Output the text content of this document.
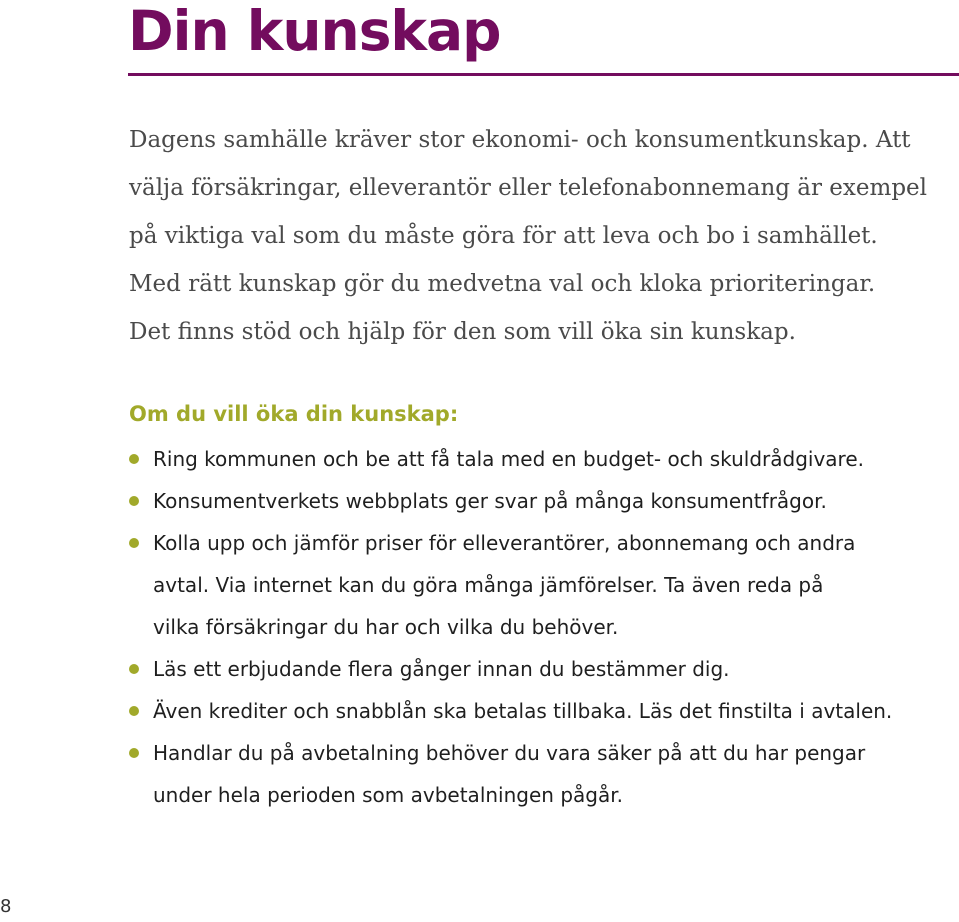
Din kunskap

Dagens samhälle kräver stor ekonomi- och konsumentkunskap. Att
välja försäkringar, elleverantör eller telefonabonnemang är exempel
på viktiga val som du måste göra för att leva och bo i samhället.
Med rätt kunskap gör du medvetna val och kloka prioriteringar.
Det finns stöd och hjälp för den som vill öka sin kunskap.

Om du vill öka din kunskap:
Ring kommunen och be att få tala med en budget- och skuldrådgivare.
Konsumentverkets webbplats ger svar på många konsumentfrågor.
Kolla upp och jämför priser för elleverantörer, abonnemang och andra
avtal. Via internet kan du göra många jämförelser. Ta även reda på
vilka försäkringar du har och vilka du behöver.
Läs ett erbjudande flera gånger innan du bestämmer dig.
Även krediter och snabblån ska betalas tillbaka. Läs det finstilta i avtalen.
Handlar du på avbetalning behöver du vara säker på att du har pengar
under hela perioden som avbetalningen pågår.
8
